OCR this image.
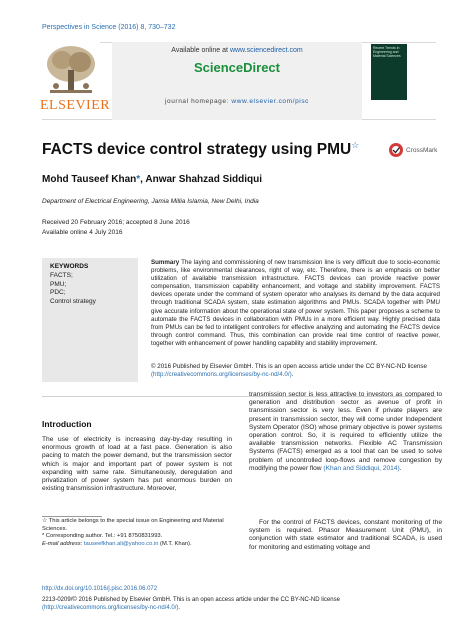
Perspectives in Science (2016) 8, 730–732
ELSEVIER
Available online at www.sciencedirect.com
ScienceDirect
journal homepage: www.elsevier.com/pisc
Recent Trends in Engineering and Material Sciences
FACTS device control strategy using PMU☆
CrossMark
Mohd Tauseef Khan*, Anwar Shahzad Siddiqui
Department of Electrical Engineering, Jamia Millia Islamia, New Delhi, India
Received 20 February 2016; accepted 8 June 2016
Available online 4 July 2016
KEYWORDS
FACTS;
PMU;
PDC;
Control strategy
Summary The laying and commissioning of new transmission line is very difficult due to socio-economic problems, like environmental clearances, right of way, etc. Therefore, there is an emphasis on better utilization of available transmission infrastructure. FACTS devices can provide reactive power compensation, transmission capability enhancement, and voltage and stability improvement. FACTS devices operate under the command of system operator who analyses its demand by the data acquired through traditional SCADA system, state estimation algorithms and PMUs. SCADA together with PMU give accurate information about the operational state of power system. This paper proposes a scheme to automate the FACTS devices in collaboration with PMUs in a more efficient way. Highly precised data from PMUs can be fed to intelligent controllers for effective analyzing and automating the FACTS device through control command. Thus, this combination can provide real time control of reactive power, together with enhancement of power handling capability and stability improvement.
© 2016 Published by Elsevier GmbH. This is an open access article under the CC BY-NC-ND license (http://creativecommons.org/licenses/by-nc-nd/4.0/).
Introduction
The use of electricity is increasing day-by-day resulting in enormous growth of load at a fast pace. Generation is also pacing to match the power demand, but the transmission sector which is major and important part of power system is not expanding with same rate. Simultaneously, deregulation and privatization of power system has put enormous burden on existing transmission infrastructure. Moreover,
transmission sector is less attractive to investors as compared to generation and distribution sector as avenue of profit in transmission sector is very less. Even if private players are present in transmission sector, they will come under Independent System Operator (ISO) whose primary objective is power systems operation control. So, it is required to efficiently utilize the available transmission networks. Flexible AC Transmission Systems (FACTS) emerged as a tool that can be used to solve problem of uncontrolled loop-flows and remove congestion by modifying the power flow (Khan and Siddiqui, 2014).
For the control of FACTS devices, constant monitoring of the system is required. Phasor Measurement Unit (PMU), in conjunction with state estimator and traditional SCADA, is used for monitoring and estimating voltage and
☆ This article belongs to the special issue on Engineering and Material Sciences.
* Corresponding author. Tel.: +91 8750831993.
E-mail address: tauseefkhan.ali@yahoo.co.in (M.T. Khan).
http://dx.doi.org/10.1016/j.pisc.2016.06.072
2213-0209/© 2016 Published by Elsevier GmbH. This is an open access article under the CC BY-NC-ND license (http://creativecommons.org/licenses/by-nc-nd/4.0/).
